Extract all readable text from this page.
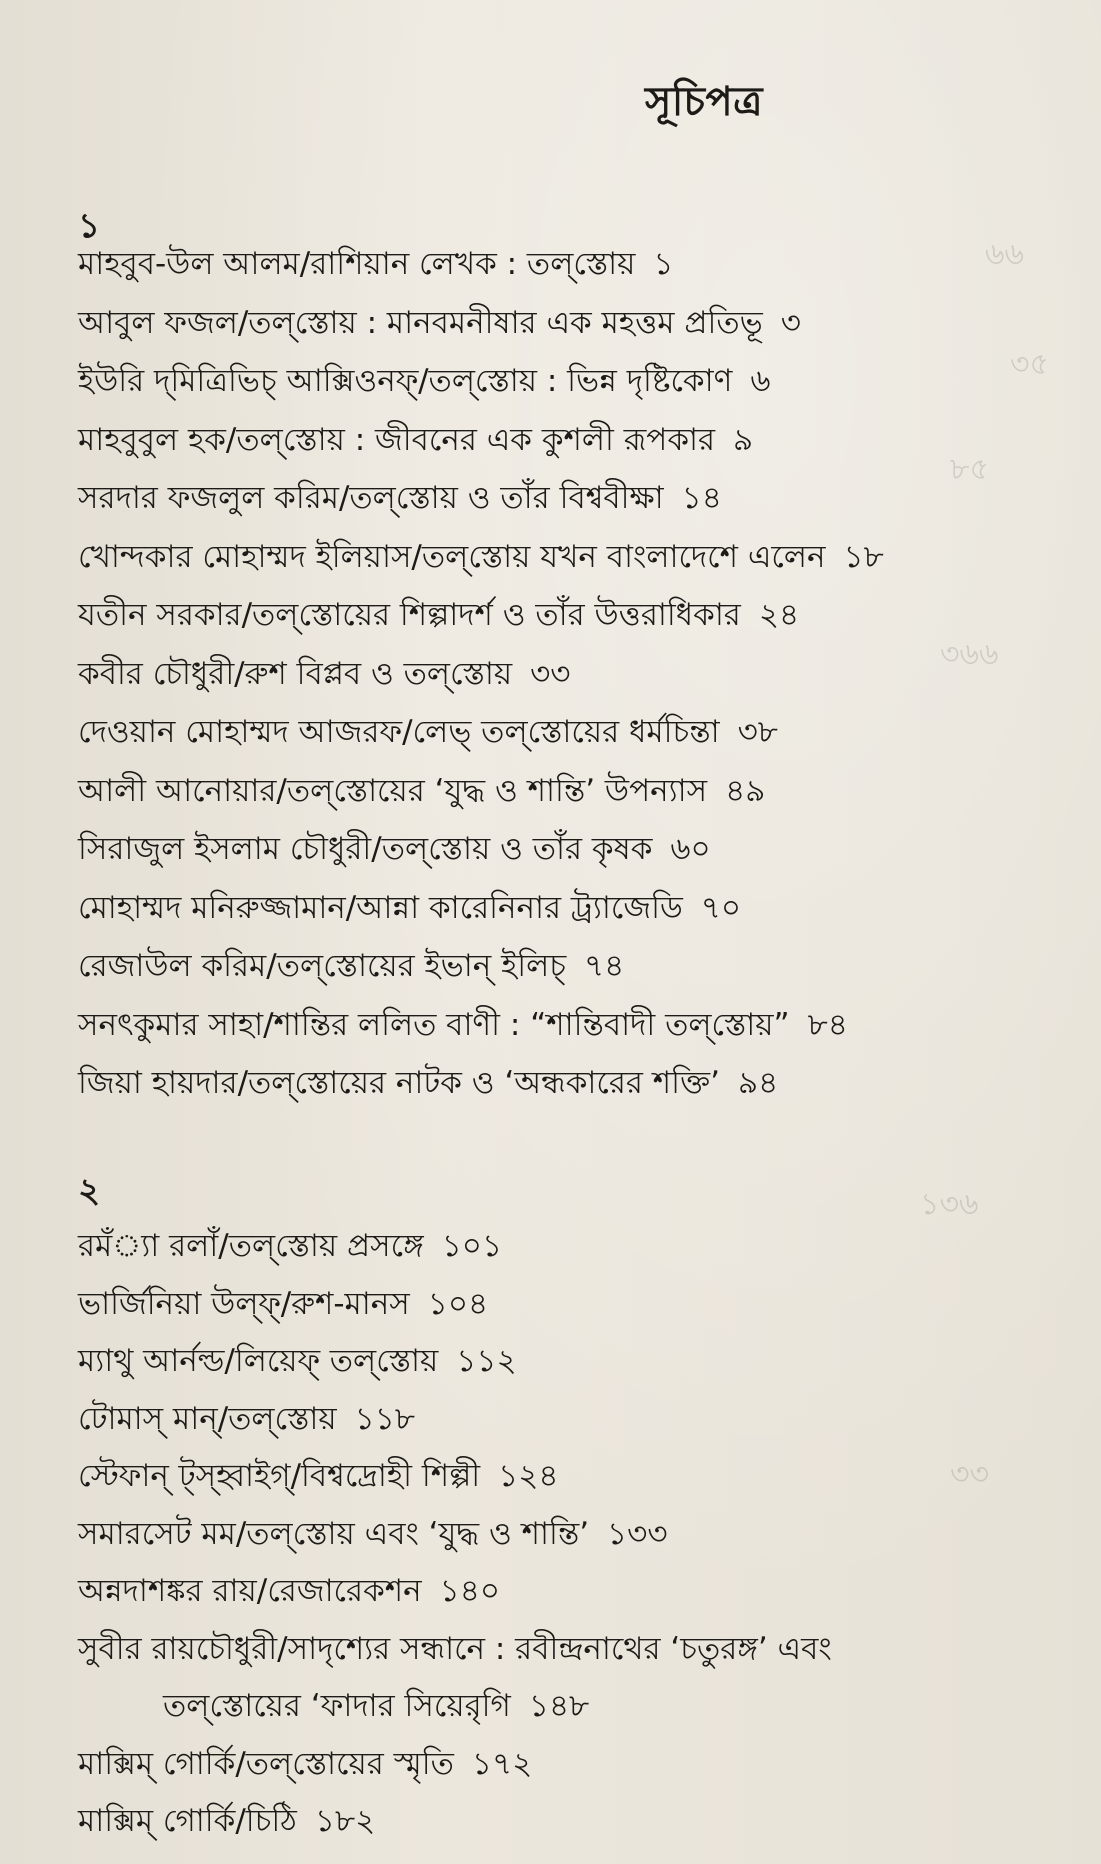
৬৬
৩৫
৮৫
৩৬৬
১৩৬
৩৩
সূচিপত্র
১
মাহবুব-উল আলম/রাশিয়ান লেখক : তল্‌স্তোয় ১
আবুল ফজল/তল্‌স্তোয় : মানবমনীষার এক মহত্তম প্রতিভূ ৩
ইউরি দ্‌মিত্রিভিচ্‌ আক্সিওনফ্‌/তল্‌স্তোয় : ভিন্ন দৃষ্টিকোণ ৬
মাহবুবুল হক/তল্‌স্তোয় : জীবনের এক কুশলী রূপকার ৯
সরদার ফজলুল করিম/তল্‌স্তোয় ও তাঁর বিশ্ববীক্ষা ১৪
খোন্দকার মোহাম্মদ ইলিয়াস/তল্‌স্তোয় যখন বাংলাদেশে এলেন ১৮
যতীন সরকার/তল্‌স্তোয়ের শিল্পাদর্শ ও তাঁর উত্তরাধিকার ২৪
কবীর চৌধুরী/রুশ বিপ্লব ও তল্‌স্তোয় ৩৩
দেওয়ান মোহাম্মদ আজরফ/লেভ্‌ তল্‌স্তোয়ের ধর্মচিন্তা ৩৮
আলী আনোয়ার/তল্‌স্তোয়ের ‘যুদ্ধ ও শান্তি’ উপন্যাস ৪৯
সিরাজুল ইসলাম চৌধুরী/তল্‌স্তোয় ও তাঁর কৃষক ৬০
মোহাম্মদ মনিরুজ্জামান/আন্না কারেনিনার ট্র্যাজেডি ৭০
রেজাউল করিম/তল্‌স্তোয়ের ইভান্‌ ইলিচ্‌ ৭৪
সনৎকুমার সাহা/শান্তির ললিত বাণী : “শান্তিবাদী তল্‌স্তোয়” ৮৪
জিয়া হায়দার/তল্‌স্তোয়ের নাটক ও ‘অন্ধকারের শক্তি’ ৯৪
২
রমঁ্যা রলাঁ/তল্‌স্তোয় প্রসঙ্গে ১০১
ভার্জিনিয়া উল্‌ফ্‌/রুশ-মানস ১০৪
ম্যাথু আর্নল্ড/লিয়েফ্‌ তল্‌স্তোয় ১১২
টোমাস্‌ মান্‌/তল্‌স্তোয় ১১৮
স্টেফান্‌ ট্‌স্‌হ্বাইগ্‌/বিশ্বদ্রোহী শিল্পী ১২৪
সমারসেট মম/তল্‌স্তোয় এবং ‘যুদ্ধ ও শান্তি’ ১৩৩
অন্নদাশঙ্কর রায়/রেজারেকশন ১৪০
সুবীর রায়চৌধুরী/সাদৃশ্যের সন্ধানে : রবীন্দ্রনাথের ‘চতুরঙ্গ’ এবং
তল্‌স্তোয়ের ‘ফাদার সিয়েরৃগি ১৪৮
মাক্সিম্‌ গোর্কি/তল্‌স্তোয়ের স্মৃতি ১৭২
মাক্সিম্‌ গোর্কি/চিঠি ১৮২
